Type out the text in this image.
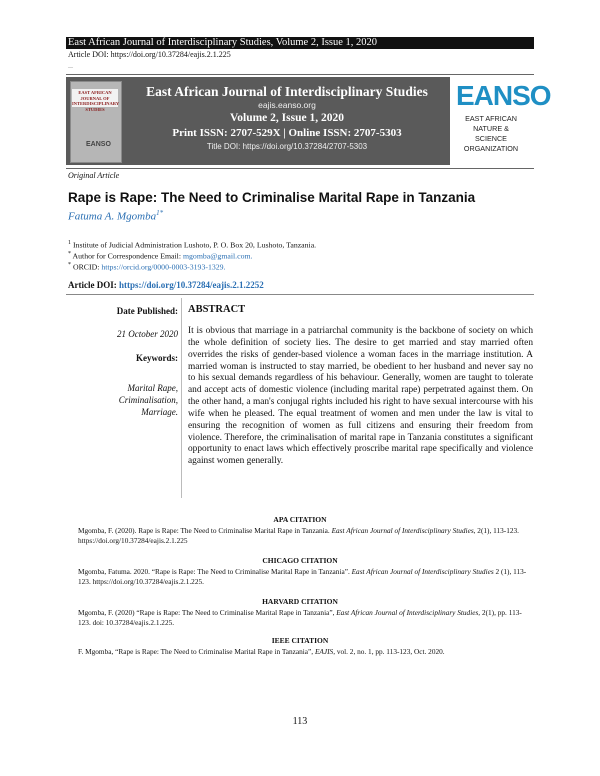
East African Journal of Interdisciplinary Studies, Volume 2, Issue 1, 2020
Article DOI: https://doi.org/10.37284/eajis.2.1.225
—
EAST AFRICAN JOURNAL OF INTERDISCIPLINARY STUDIES
EANSO
East African Journal of Interdisciplinary Studies
eajis.eanso.org
Volume 2, Issue 1, 2020
Print ISSN: 2707-529X | Online ISSN: 2707-5303
Title DOI: https://doi.org/10.37284/2707-5303
EANSO
EAST AFRICAN
NATURE &
SCIENCE
ORGANIZATION
Original Article
Rape is Rape: The Need to Criminalise Marital Rape in Tanzania
Fatuma A. Mgomba$^{1*}$
$^1$ Institute of Judicial Administration Lushoto, P. O. Box 20, Lushoto, Tanzania.
* Author for Correspondence Email: mgomba@gmail.com.
* ORCID: https://orcid.org/0000-0003-3193-1329.
Article DOI: https://doi.org/10.37284/eajis.2.1.2252
Date Published:
21 October 2020
Keywords:
Marital Rape,
Criminalisation,
Marriage.
ABSTRACT
It is obvious that marriage in a patriarchal community is the backbone of society on which the whole definition of society lies. The desire to get married and stay married often overrides the risks of gender-based violence a woman faces in the marriage institution. A married woman is instructed to stay married, be obedient to her husband and never say no to his sexual demands regardless of his behaviour. Generally, women are taught to tolerate and accept acts of domestic violence (including marital rape) perpetrated against them. On the other hand, a man's conjugal rights included his right to have sexual intercourse with his wife when he pleased. The equal treatment of women and men under the law is vital to ensuring the recognition of women as full citizens and ensuring their freedom from violence. Therefore, the criminalisation of marital rape in Tanzania constitutes a significant opportunity to enact laws which effectively proscribe marital rape specifically and violence against women generally.
APA CITATION
Mgomba, F. (2020). Rape is Rape: The Need to Criminalise Marital Rape in Tanzania. East African Journal of Interdisciplinary Studies, 2(1), 113-123. https://doi.org/10.37284/eajis.2.1.225
CHICAGO CITATION
Mgomba, Fatuma. 2020. “Rape is Rape: The Need to Criminalise Marital Rape in Tanzania”. East African Journal of Interdisciplinary Studies 2 (1), 113-123. https://doi.org/10.37284/eajis.2.1.225.
HARVARD CITATION
Mgomba, F. (2020) “Rape is Rape: The Need to Criminalise Marital Rape in Tanzania”, East African Journal of Interdisciplinary Studies, 2(1), pp. 113-123. doi: 10.37284/eajis.2.1.225.
IEEE CITATION
F. Mgomba, “Rape is Rape: The Need to Criminalise Marital Rape in Tanzania”, EAJIS, vol. 2, no. 1, pp. 113-123, Oct. 2020.
113
